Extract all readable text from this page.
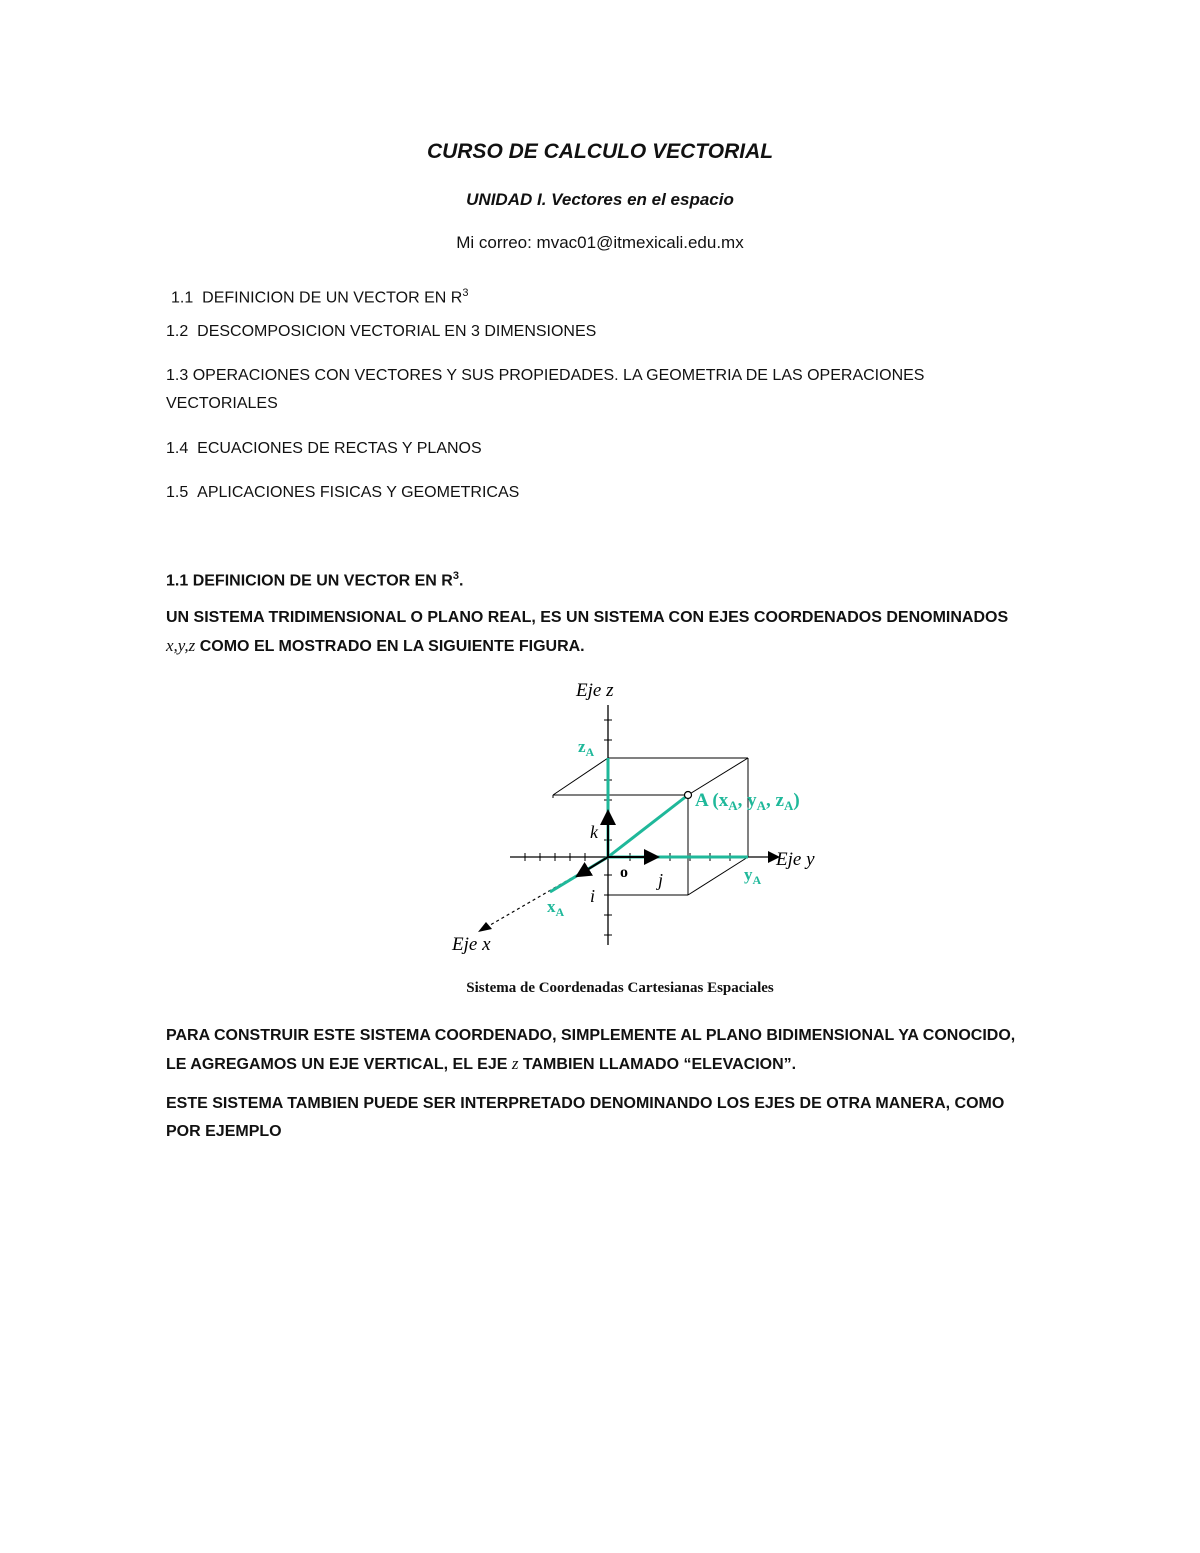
CURSO DE CALCULO VECTORIAL
UNIDAD I. Vectores en el espacio
Mi correo: mvac01@itmexicali.edu.mx
1.1 DEFINICION DE UN VECTOR EN $R^3$
1.2 DESCOMPOSICION VECTORIAL EN 3 DIMENSIONES
1.3 OPERACIONES CON VECTORES Y SUS PROPIEDADES. LA GEOMETRIA DE LAS OPERACIONES
VECTORIALES
1.4 ECUACIONES DE RECTAS Y PLANOS
1.5 APLICACIONES FISICAS Y GEOMETRICAS
1.1 DEFINICION DE UN VECTOR EN $R^3$.
UN SISTEMA TRIDIMENSIONAL O PLANO REAL, ES UN SISTEMA CON EJES COORDENADOS DENOMINADOS
x,y,z COMO EL MOSTRADO EN LA SIGUIENTE FIGURA.
Eje z
Eje y
Eje x
o
k
j
i
$z_A$
$y_A$
$x_A$
A ($x_A$, $y_A$, $z_A$)
Sistema de Coordenadas Cartesianas Espaciales
PARA CONSTRUIR ESTE SISTEMA COORDENADO, SIMPLEMENTE AL PLANO BIDIMENSIONAL YA CONOCIDO,
LE AGREGAMOS UN EJE VERTICAL, EL EJE z TAMBIEN LLAMADO “ELEVACION”.
ESTE SISTEMA TAMBIEN PUEDE SER INTERPRETADO DENOMINANDO LOS EJES DE OTRA MANERA, COMO
POR EJEMPLO
